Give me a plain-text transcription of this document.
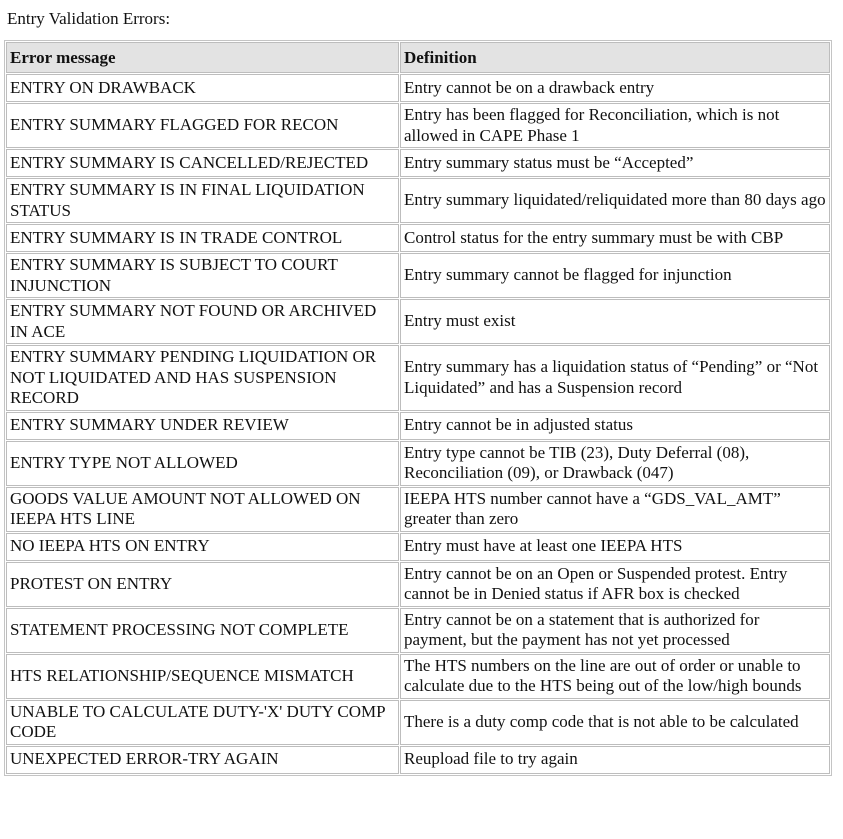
Entry Validation Errors:
Error message	Definition
ENTRY ON DRAWBACK	Entry cannot be on a drawback entry
ENTRY SUMMARY FLAGGED FOR RECON	Entry has been flagged for Reconciliation, which is not allowed in CAPE Phase 1
ENTRY SUMMARY IS CANCELLED/REJECTED	Entry summary status must be “Accepted”
ENTRY SUMMARY IS IN FINAL LIQUIDATION STATUS	Entry summary liquidated/reliquidated more than 80 days ago
ENTRY SUMMARY IS IN TRADE CONTROL	Control status for the entry summary must be with CBP
ENTRY SUMMARY IS SUBJECT TO COURT INJUNCTION	Entry summary cannot be flagged for injunction
ENTRY SUMMARY NOT FOUND OR ARCHIVED IN ACE	Entry must exist
ENTRY SUMMARY PENDING LIQUIDATION OR NOT LIQUIDATED AND HAS SUSPENSION RECORD	Entry summary has a liquidation status of “Pending” or “Not Liquidated” and has a Suspension record
ENTRY SUMMARY UNDER REVIEW	Entry cannot be in adjusted status
ENTRY TYPE NOT ALLOWED	Entry type cannot be TIB (23), Duty Deferral (08), Reconciliation (09), or Drawback (047)
GOODS VALUE AMOUNT NOT ALLOWED ON IEEPA HTS LINE	IEEPA HTS number cannot have a “GDS_VAL_AMT” greater than zero
NO IEEPA HTS ON ENTRY	Entry must have at least one IEEPA HTS
PROTEST ON ENTRY	Entry cannot be on an Open or Suspended protest. Entry cannot be in Denied status if AFR box is checked
STATEMENT PROCESSING NOT COMPLETE	Entry cannot be on a statement that is authorized for payment, but the payment has not yet processed
HTS RELATIONSHIP/SEQUENCE MISMATCH	The HTS numbers on the line are out of order or unable to calculate due to the HTS being out of the low/high bounds
UNABLE TO CALCULATE DUTY-'X' DUTY COMP CODE	There is a duty comp code that is not able to be calculated
UNEXPECTED ERROR-TRY AGAIN	Reupload file to try again
